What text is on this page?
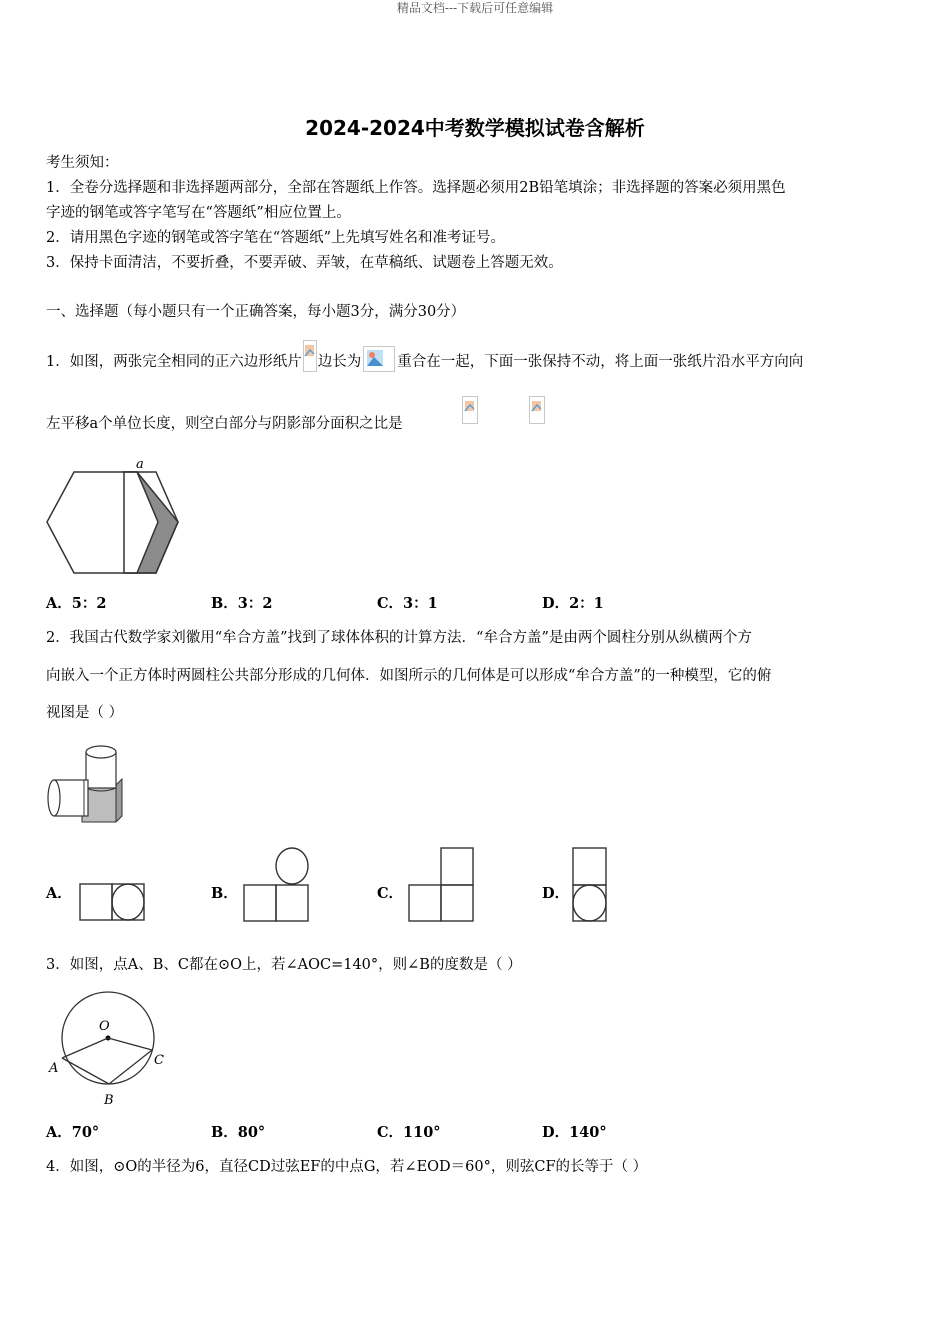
精品文档---下载后可任意编辑
2024-2024中考数学模拟试卷含解析
考生须知：
1．全卷分选择题和非选择题两部分，全部在答题纸上作答。选择题必须用2B铅笔填涂；非选择题的答案必须用黑色
字迹的钢笔或答字笔写在“答题纸”相应位置上。
2．请用黑色字迹的钢笔或答字笔在“答题纸”上先填写姓名和准考证号。
3．保持卡面清洁，不要折叠，不要弄破、弄皱，在草稿纸、试题卷上答题无效。
一、选择题（每小题只有一个正确答案，每小题3分，满分30分）
1．如图，两张完全相同的正六边形纸片 边长为 重合在一起，下面一张保持不动，将上面一张纸片沿水平方向向
左平移a个单位长度，则空白部分与阴影部分面积之比是

a
A．5：2	B．3：2	C．3：1	D．2：1
2．我国古代数学家刘徽用“牟合方盖”找到了球体体积的计算方法．“牟合方盖”是由两个圆柱分别从纵横两个方
向嵌入一个正方体时两圆柱公共部分形成的几何体．如图所示的几何体是可以形成“牟合方盖”的一种模型，它的俯
视图是（ ）
A．	B．	C．	D．
3．如图，点A、B、C都在⊙O上，若∠AOC=140°，则∠B的度数是（ ）
O
A
B
C
A．70°	B．80°	C．110°	D．140°
4．如图，⊙O的半径为6，直径CD过弦EF的中点G，若∠EOD＝60°，则弦CF的长等于（ ）
